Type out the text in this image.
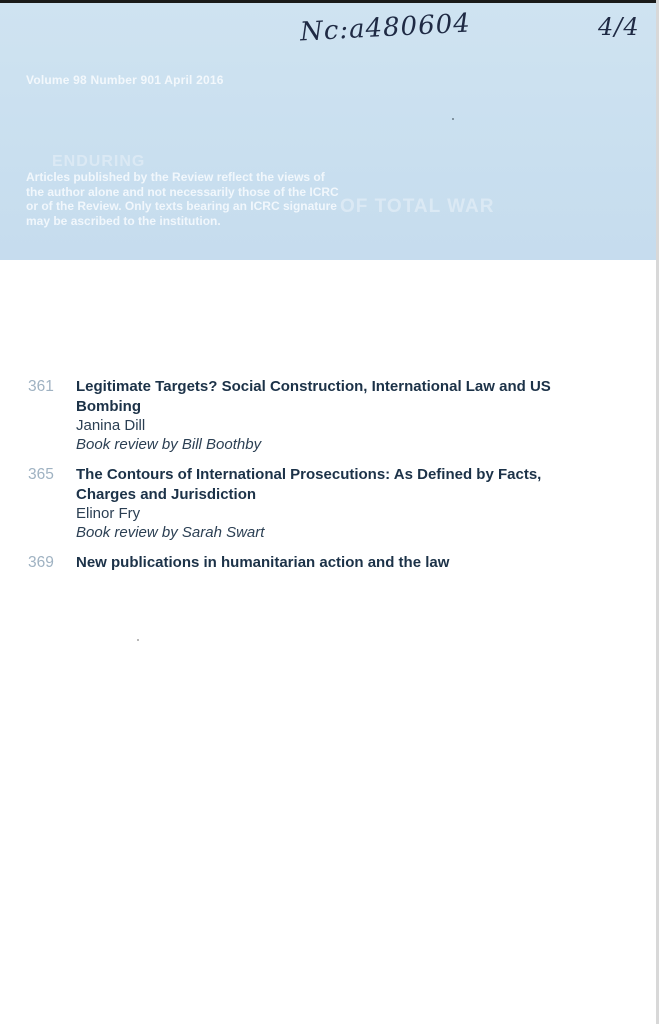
Nc:a480604	4/4
Volume 98 Number 901 April 2016
ENDURING
OF TOTAL WAR
Articles published by the Review reflect the views of the author alone and not necessarily those of the ICRC or of the Review. Only texts bearing an ICRC signature may be ascribed to the institution.
361 Legitimate Targets? Social Construction, International Law and US Bombing

Janina Dill
Book review by Bill Boothby
365 The Contours of International Prosecutions: As Defined by Facts, Charges and Jurisdiction

Elinor Fry
Book review by Sarah Swart
369 New publications in humanitarian action and the law
